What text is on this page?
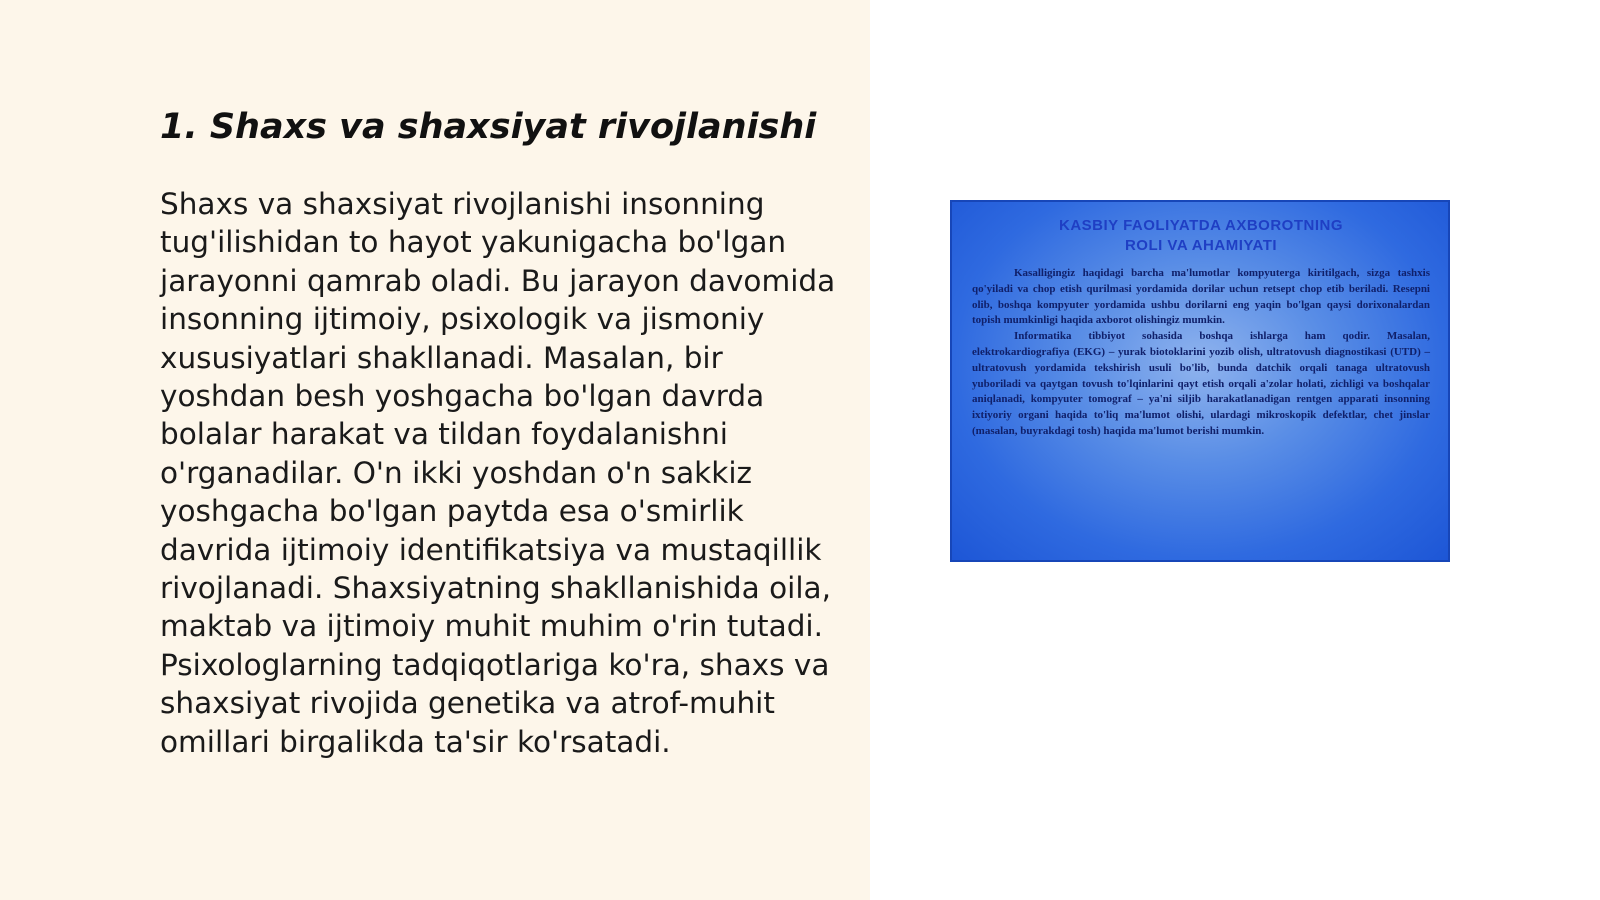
1. Shaxs va shaxsiyat rivojlanishi

Shaxs va shaxsiyat rivojlanishi insonning tug'ilishidan to hayot yakunigacha bo'lgan jarayonni qamrab oladi. Bu jarayon davomida insonning ijtimoiy, psixologik va jismoniy xususiyatlari shakllanadi. Masalan, bir yoshdan besh yoshgacha bo'lgan davrda bolalar harakat va tildan foydalanishni o'rganadilar. O'n ikki yoshdan o'n sakkiz yoshgacha bo'lgan paytda esa o'smirlik davrida ijtimoiy identifikatsiya va mustaqillik rivojlanadi. Shaxsiyatning shakllanishida oila, maktab va ijtimoiy muhit muhim o'rin tutadi. Psixologlarning tadqiqotlariga ko'ra, shaxs va shaxsiyat rivojida genetika va atrof-muhit omillari birgalikda ta'sir ko'rsatadi.

KASBIY FAOLIYATDA AXBOROTNING
ROLI VA AHAMIYATI

Kasalligingiz haqidagi barcha ma'lumotlar kompyuterga kiritilgach, sizga tashxis qo'yiladi va chop etish qurilmasi yordamida dorilar uchun retsept chop etib beriladi. Resepni olib, boshqa kompyuter yordamida ushbu dorilarni eng yaqin bo'lgan qaysi dorixonalardan topish mumkinligi haqida axborot olishingiz mumkin.

Informatika tibbiyot sohasida boshqa ishlarga ham qodir. Masalan, elektrokardiografiya (EKG) – yurak biotoklarini yozib olish, ultratovush diagnostikasi (UTD) – ultratovush yordamida tekshirish usuli bo'lib, bunda datchik orqali tanaga ultratovush yuboriladi va qaytgan tovush to'lqinlarini qayt etish orqali a'zolar holati, zichligi va boshqalar aniqlanadi, kompyuter tomograf – ya'ni siljib harakatlanadigan rentgen apparati insonning ixtiyoriy organi haqida to'liq ma'lumot olishi, ulardagi mikroskopik defektlar, chet jinslar (masalan, buyrakdagi tosh) haqida ma'lumot berishi mumkin.
